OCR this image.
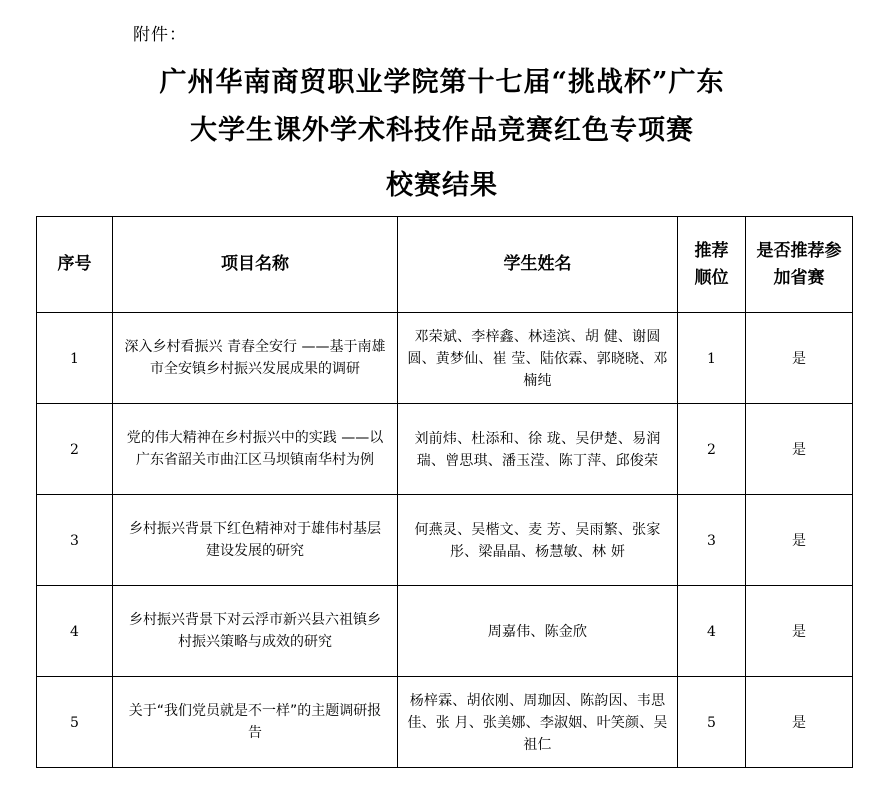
附件：
广州华南商贸职业学院第十七届“挑战杯”广东
大学生课外学术科技作品竞赛红色专项赛
校赛结果
序号	项目名称	学生姓名	推荐顺位	是否推荐参加省赛
1	深入乡村看振兴 青春全安行 ——基于南雄市全安镇乡村振兴发展成果的调研	邓荣斌、李梓鑫、林逵滨、胡 健、谢圆圆、黄梦仙、崔 莹、陆依霖、郭晓晓、邓楠纯	1	是
2	党的伟大精神在乡村振兴中的实践 ——以广东省韶关市曲江区马坝镇南华村为例	刘前炜、杜添和、徐 珑、吴伊楚、易润瑞、曾思琪、潘玉滢、陈丁萍、邱俊荣	2	是
3	乡村振兴背景下红色精神对于雄伟村基层建设发展的研究	何燕灵、吴楷文、麦 芳、吴雨繁、张家彤、梁晶晶、杨慧敏、林 妍	3	是
4	乡村振兴背景下对云浮市新兴县六祖镇乡村振兴策略与成效的研究	周嘉伟、陈金欣	4	是
5	关于“我们党员就是不一样”的主题调研报告	杨梓霖、胡依刚、周珈因、陈韵因、韦思佳、张 月、张美娜、李淑姻、叶笑颜、吴祖仁	5	是
